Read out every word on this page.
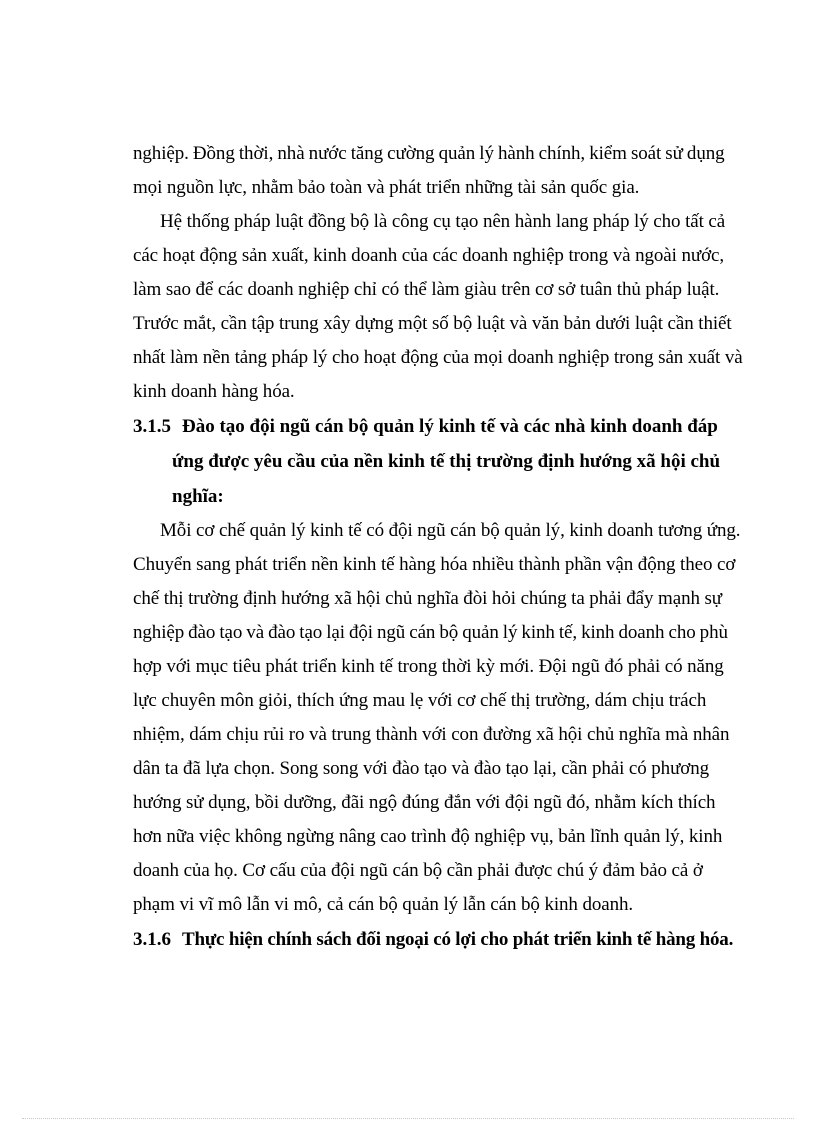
nghiệp. Đồng thời, nhà nước tăng cường quản lý hành chính, kiểm soát sử dụng
mọi nguồn lực, nhằm bảo toàn và phát triển những tài sản quốc gia.
Hệ thống pháp luật đồng bộ là công cụ tạo nên hành lang pháp lý cho tất cả
các hoạt động sản xuất, kinh doanh của các doanh nghiệp trong và ngoài nước,
làm sao để các doanh nghiệp chỉ có thể làm giàu trên cơ sở tuân thủ pháp luật.
Trước mắt, cần tập trung xây dựng một số bộ luật và văn bản dưới luật cần thiết
nhất làm nền tảng pháp lý cho hoạt động của mọi doanh nghiệp trong sản xuất và
kinh doanh hàng hóa.
3.1.5 Đào tạo đội ngũ cán bộ quản lý kinh tế và các nhà kinh doanh đáp
ứng được yêu cầu của nền kinh tế thị trường định hướng xã hội chủ
nghĩa:
Mỗi cơ chế quản lý kinh tế có đội ngũ cán bộ quản lý, kinh doanh tương ứng.
Chuyển sang phát triển nền kinh tế hàng hóa nhiều thành phần vận động theo cơ
chế thị trường định hướng xã hội chủ nghĩa đòi hỏi chúng ta phải đẩy mạnh sự
nghiệp đào tạo và đào tạo lại đội ngũ cán bộ quản lý kinh tế, kinh doanh cho phù
hợp với mục tiêu phát triển kinh tế trong thời kỳ mới. Đội ngũ đó phải có năng
lực chuyên môn giỏi, thích ứng mau lẹ với cơ chế thị trường, dám chịu trách
nhiệm, dám chịu rủi ro và trung thành với con đường xã hội chủ nghĩa mà nhân
dân ta đã lựa chọn. Song song với đào tạo và đào tạo lại, cần phải có phương
hướng sử dụng, bồi dưỡng, đãi ngộ đúng đắn với đội ngũ đó, nhằm kích thích
hơn nữa việc không ngừng nâng cao trình độ nghiệp vụ, bản lĩnh quản lý, kinh
doanh của họ. Cơ cấu của đội ngũ cán bộ cần phải được chú ý đảm bảo cả ở
phạm vi vĩ mô lẫn vi mô, cả cán bộ quản lý lẫn cán bộ kinh doanh.
3.1.6 Thực hiện chính sách đối ngoại có lợi cho phát triển kinh tế hàng hóa.
